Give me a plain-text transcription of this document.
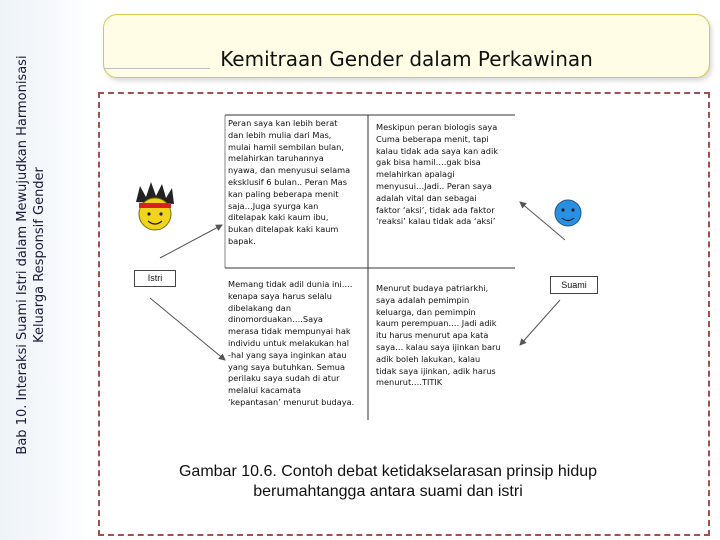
Bab 10. Interaksi Suami Istri dalam Mewujudkan Harmonisasi Keluarga Responsif Gender
Kemitraan Gender dalam Perkawinan
Istri
Suami
Peran saya kan lebih berat
dan lebih mulia dari Mas,
mulai hamil sembilan bulan,
melahirkan taruhannya
nyawa, dan menyusui selama
eksklusif 6 bulan.. Peran Mas
kan paling beberapa menit
saja…Juga syurga kan
ditelapak kaki kaum ibu,
bukan ditelapak kaki kaum
bapak.
Meskipun peran biologis saya
Cuma beberapa menit, tapi
kalau tidak ada saya kan adik
gak bisa hamil….gak bisa
melahirkan apalagi
menyusui…Jadi.. Peran saya
adalah vital dan sebagai
faktor ‘aksi’, tidak ada faktor
‘reaksi’ kalau tidak ada ‘aksi’
Memang tidak adil dunia ini….
kenapa saya harus selalu
dibelakang dan
dinomorduakan….Saya
merasa tidak mempunyai hak
individu untuk melakukan hal
-hal yang saya inginkan atau
yang saya butuhkan. Semua
perilaku saya sudah di atur
melalui kacamata
‘kepantasan’ menurut budaya.
Menurut budaya patriarkhi,
saya adalah pemimpin
keluarga, dan pemimpin
kaum perempuan…. Jadi adik
itu harus menurut apa kata
saya… kalau saya ijinkan baru
adik boleh lakukan, kalau
tidak saya ijinkan, adik harus
menurut….TITIK
Gambar 10.6. Contoh debat ketidakselarasan prinsip hidup
berumahtangga antara suami dan istri
